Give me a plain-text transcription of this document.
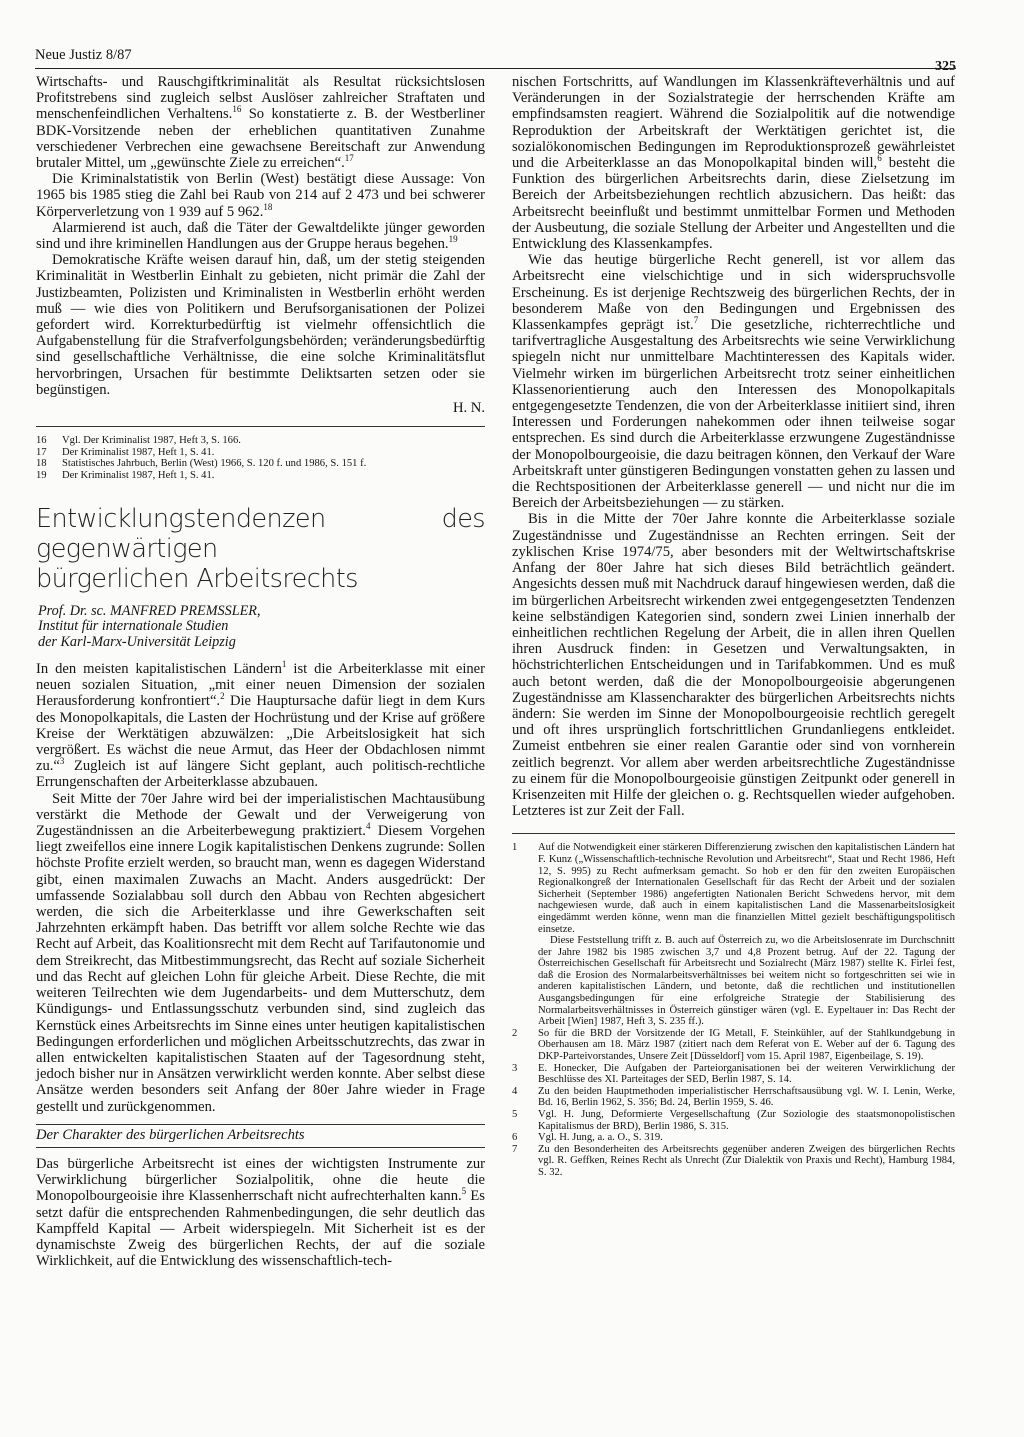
Neue Justiz 8/87
325

Wirtschafts- und Rauschgiftkriminalität als Resultat rücksichtslosen Profitstrebens sind zugleich selbst Auslöser zahlreicher Straftaten und menschenfeindlichen Verhaltens.$^{16}$ So konstatierte z. B. der Westberliner BDK-Vorsitzende neben der erheblichen quantitativen Zunahme verschiedener Verbrechen eine gewachsene Bereitschaft zur Anwendung brutaler Mittel, um „gewünschte Ziele zu erreichen“.$^{17}$

Die Kriminalstatistik von Berlin (West) bestätigt diese Aussage: Von 1965 bis 1985 stieg die Zahl bei Raub von 214 auf 2 473 und bei schwerer Körperverletzung von 1 939 auf 5 962.18

Alarmierend ist auch, daß die Täter der Gewaltdelikte jünger geworden sind und ihre kriminellen Handlungen aus der Gruppe heraus begehen.$^{19}$

Demokratische Kräfte weisen darauf hin, daß, um der stetig steigenden Kriminalität in Westberlin Einhalt zu gebieten, nicht primär die Zahl der Justizbeamten, Polizisten und Kriminalisten in Westberlin erhöht werden muß — wie dies von Politikern und Berufsorganisationen der Polizei gefordert wird. Korrekturbedürftig ist vielmehr offensichtlich die Aufgabenstellung für die Strafverfolgungsbehörden; veränderungsbedürftig sind gesellschaftliche Verhältnisse, die eine solche Kriminalitätsflut hervorbringen, Ursachen für bestimmte Deliktsarten setzen oder sie begünstigen.

H. N.
16	Vgl. Der Kriminalist 1987, Heft 3, S. 166.
17	Der Kriminalist 1987, Heft 1, S. 41.
18	Statistisches Jahrbuch, Berlin (West) 1966, S. 120 f. und 1986, S. 151 f.
19	Der Kriminalist 1987, Heft 1, S. 41.
Entwicklungstendenzen des gegenwärtigen
bürgerlichen Arbeitsrechts
Prof. Dr. sc. MANFRED PREMSSLER,
Institut für internationale Studien
der Karl-Marx-Universität Leipzig

In den meisten kapitalistischen Ländern$^1$ ist die Arbeiterklasse mit einer neuen sozialen Situation, „mit einer neuen Dimension der sozialen Herausforderung konfrontiert“.$^2$ Die Hauptursache dafür liegt in dem Kurs des Monopolkapitals, die Lasten der Hochrüstung und der Krise auf größere Kreise der Werktätigen abzuwälzen: „Die Arbeitslosigkeit hat sich vergrößert. Es wächst die neue Armut, das Heer der Obdachlosen nimmt zu.“$^3$ Zugleich ist auf längere Sicht geplant, auch politisch-rechtliche Errungenschaften der Arbeiterklasse abzubauen.

Seit Mitte der 70er Jahre wird bei der imperialistischen Machtausübung verstärkt die Methode der Gewalt und der Verweigerung von Zugeständnissen an die Arbeiterbewegung praktiziert.$^4$ Diesem Vorgehen liegt zweifellos eine innere Logik kapitalistischen Denkens zugrunde: Sollen höchste Profite erzielt werden, so braucht man, wenn es dagegen Widerstand gibt, einen maximalen Zuwachs an Macht. Anders ausgedrückt: Der umfassende Sozialabbau soll durch den Abbau von Rechten abgesichert werden, die sich die Arbeiterklasse und ihre Gewerkschaften seit Jahrzehnten erkämpft haben. Das betrifft vor allem solche Rechte wie das Recht auf Arbeit, das Koalitionsrecht mit dem Recht auf Tarifautonomie und dem Streikrecht, das Mitbestimmungsrecht, das Recht auf soziale Sicherheit und das Recht auf gleichen Lohn für gleiche Arbeit. Diese Rechte, die mit weiteren Teilrechten wie dem Jugendarbeits- und dem Mutterschutz, dem Kündigungs- und Entlassungsschutz verbunden sind, sind zugleich das Kernstück eines Arbeitsrechts im Sinne eines unter heutigen kapitalistischen Bedingungen erforderlichen und möglichen Arbeitsschutzrechts, das zwar in allen entwickelten kapitalistischen Staaten auf der Tagesordnung steht, jedoch bisher nur in Ansätzen verwirklicht werden konnte. Aber selbst diese Ansätze werden besonders seit Anfang der 80er Jahre wieder in Frage gestellt und zurückgenommen.

Der Charakter des bürgerlichen Arbeitsrechts

Das bürgerliche Arbeitsrecht ist eines der wichtigsten Instrumente zur Verwirklichung bürgerlicher Sozialpolitik, ohne die heute die Monopolbourgeoisie ihre Klassenherrschaft nicht aufrechterhalten kann.$^5$ Es setzt dafür die entsprechenden Rahmenbedingungen, die sehr deutlich das Kampffeld Kapital — Arbeit widerspiegeln. Mit Sicherheit ist es der dynamischste Zweig des bürgerlichen Rechts, der auf die soziale Wirklichkeit, auf die Entwicklung des wissenschaftlich-tech-

nischen Fortschritts, auf Wandlungen im Klassenkräfteverhältnis und auf Veränderungen in der Sozialstrategie der herrschenden Kräfte am empfindsamsten reagiert. Während die Sozialpolitik auf die notwendige Reproduktion der Arbeitskraft der Werktätigen gerichtet ist, die sozialökonomischen Bedingungen im Reproduktionsprozeß gewährleistet und die Arbeiterklasse an das Monopolkapital binden will,$^6$ besteht die Funktion des bürgerlichen Arbeitsrechts darin, diese Zielsetzung im Bereich der Arbeitsbeziehungen rechtlich abzusichern. Das heißt: das Arbeitsrecht beeinflußt und bestimmt unmittelbar Formen und Methoden der Ausbeutung, die soziale Stellung der Arbeiter und Angestellten und die Entwicklung des Klassenkampfes.

Wie das heutige bürgerliche Recht generell, ist vor allem das Arbeitsrecht eine vielschichtige und in sich widerspruchsvolle Erscheinung. Es ist derjenige Rechtszweig des bürgerlichen Rechts, der in besonderem Maße von den Bedingungen und Ergebnissen des Klassenkampfes geprägt ist.$^7$ Die gesetzliche, richterrechtliche und tarifvertragliche Ausgestaltung des Arbeitsrechts wie seine Verwirklichung spiegeln nicht nur unmittelbare Machtinteressen des Kapitals wider. Vielmehr wirken im bürgerlichen Arbeitsrecht trotz seiner einheitlichen Klassenorientierung auch den Interessen des Monopolkapitals entgegengesetzte Tendenzen, die von der Arbeiterklasse initiiert sind, ihren Interessen und Forderungen nahekommen oder ihnen teilweise sogar entsprechen. Es sind durch die Arbeiterklasse erzwungene Zugeständnisse der Monopolbourgeoisie, die dazu beitragen können, den Verkauf der Ware Arbeitskraft unter günstigeren Bedingungen vonstatten gehen zu lassen und die Rechtspositionen der Arbeiterklasse generell — und nicht nur die im Bereich der Arbeitsbeziehungen — zu stärken.

Bis in die Mitte der 70er Jahre konnte die Arbeiterklasse soziale Zugeständnisse und Zugeständnisse an Rechten erringen. Seit der zyklischen Krise 1974/75, aber besonders mit der Weltwirtschaftskrise Anfang der 80er Jahre hat sich dieses Bild beträchtlich geändert. Angesichts dessen muß mit Nachdruck darauf hingewiesen werden, daß die im bürgerlichen Arbeitsrecht wirkenden zwei entgegengesetzten Tendenzen keine selbständigen Kategorien sind, sondern zwei Linien innerhalb der einheitlichen rechtlichen Regelung der Arbeit, die in allen ihren Quellen ihren Ausdruck finden: in Gesetzen und Verwaltungsakten, in höchstrichterlichen Entscheidungen und in Tarifabkommen. Und es muß auch betont werden, daß die der Monopolbourgeoisie abgerungenen Zugeständnisse am Klassencharakter des bürgerlichen Arbeitsrechts nichts ändern: Sie werden im Sinne der Monopolbourgeoisie rechtlich geregelt und oft ihres ursprünglich fortschrittlichen Grundanliegens entkleidet. Zumeist entbehren sie einer realen Garantie oder sind von vornherein zeitlich begrenzt. Vor allem aber werden arbeitsrechtliche Zugeständnisse zu einem für die Monopolbourgeoisie günstigen Zeitpunkt oder generell in Krisenzeiten mit Hilfe der gleichen o. g. Rechtsquellen wieder aufgehoben. Letzteres ist zur Zeit der Fall.

1	Auf die Notwendigkeit einer stärkeren Differenzierung zwischen den kapitalistischen Ländern hat F. Kunz („Wissenschaftlich-technische Revolution und Arbeitsrecht“, Staat und Recht 1986, Heft 12, S. 995) zu Recht aufmerksam gemacht. So hob er den für den zweiten Europäischen Regionalkongreß der Internationalen Gesellschaft für das Recht der Arbeit und der sozialen Sicherheit (September 1986) angefertigten Nationalen Bericht Schwedens hervor, mit dem nachgewiesen wurde, daß auch in einem kapitalistischen Land die Massenarbeitslosigkeit eingedämmt werden könne, wenn man die finanziellen Mittel gezielt beschäftigungspolitisch einsetze.
Diese Feststellung trifft z. B. auch auf Österreich zu, wo die Arbeitslosenrate im Durchschnitt der Jahre 1982 bis 1985 zwischen 3,7 und 4,8 Prozent betrug. Auf der 22. Tagung der Österreichischen Gesellschaft für Arbeitsrecht und Sozialrecht (März 1987) stellte K. Firlei fest, daß die Erosion des Normalarbeitsverhältnisses bei weitem nicht so fortgeschritten sei wie in anderen kapitalistischen Ländern, und betonte, daß die rechtlichen und institutionellen Ausgangsbedingungen für eine erfolgreiche Strategie der Stabilisierung des Normalarbeitsverhältnisses in Österreich günstiger wären (vgl. E. Eypeltauer in: Das Recht der Arbeit [Wien] 1987, Heft 3, S. 235 ff.).
2	So für die BRD der Vorsitzende der IG Metall, F. Steinkühler, auf der Stahlkundgebung in Oberhausen am 18. März 1987 (zitiert nach dem Referat von E. Weber auf der 6. Tagung des DKP-Parteivorstandes, Unsere Zeit [Düsseldorf] vom 15. April 1987, Eigenbeilage, S. 19).
3	E. Honecker, Die Aufgaben der Parteiorganisationen bei der weiteren Verwirklichung der Beschlüsse des XI. Parteitages der SED, Berlin 1987, S. 14.
4	Zu den beiden Hauptmethoden imperialistischer Herrschaftsausübung vgl. W. I. Lenin, Werke, Bd. 16, Berlin 1962, S. 356; Bd. 24, Berlin 1959, S. 46.
5	Vgl. H. Jung, Deformierte Vergesellschaftung (Zur Soziologie des staatsmonopolistischen Kapitalismus der BRD), Berlin 1986, S. 315.
6	Vgl. H. Jung, a. a. O., S. 319.
7	Zu den Besonderheiten des Arbeitsrechts gegenüber anderen Zweigen des bürgerlichen Rechts vgl. R. Geffken, Reines Recht als Unrecht (Zur Dialektik von Praxis und Recht), Hamburg 1984, S. 32.
